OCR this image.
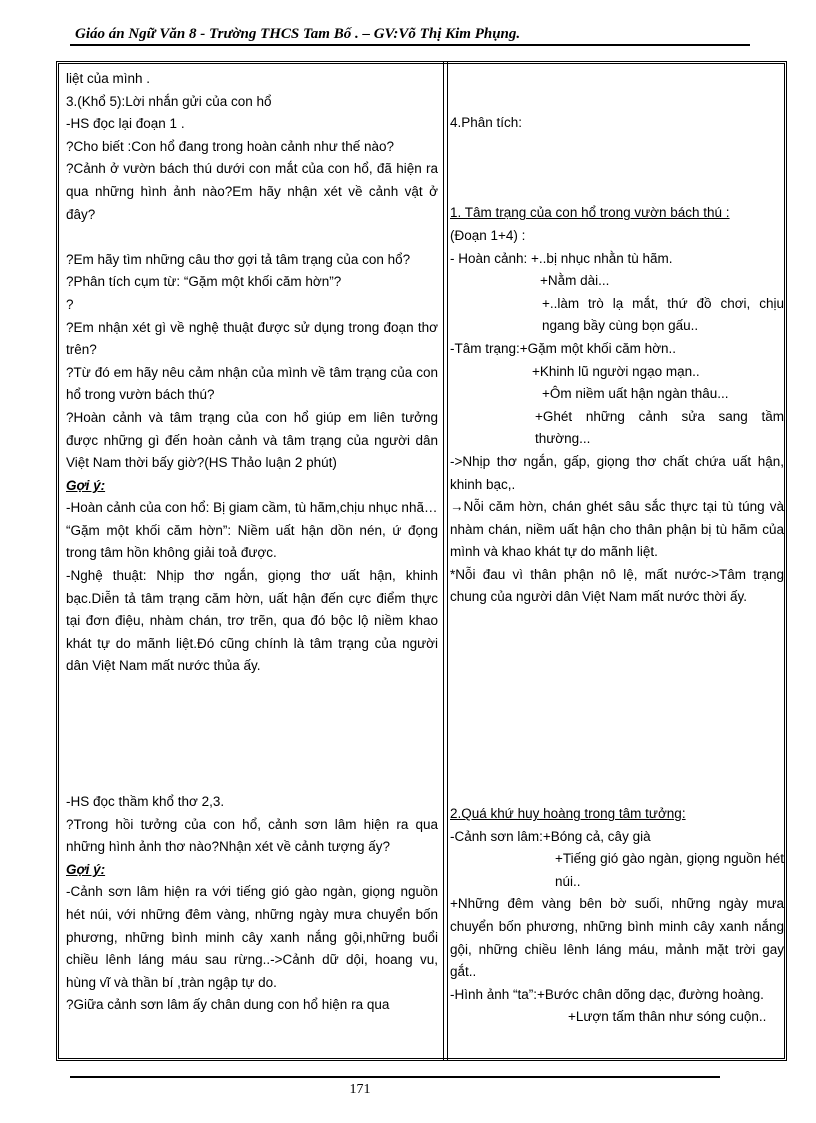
Giáo án Ngữ Văn 8 - Trường THCS Tam Bố . – GV:Võ Thị Kim Phụng.

liệt của mình .

3.(Khổ 5):Lời nhắn gửi của con hổ

-HS đọc lại đoạn 1 .

?Cho biết :Con hổ đang trong hoàn cảnh như thế nào?

?Cảnh ở vườn bách thú dưới con mắt của con hổ, đã hiện ra qua những hình ảnh nào?Em hãy nhận xét về cảnh vật ở đây?

?Em hãy tìm những câu thơ gợi tả tâm trạng của con hổ?

?Phân tích cụm từ: “Gặm một khối căm hờn”?

?

?Em nhận xét gì về nghệ thuật được sử dụng trong đoạn thơ trên?

?Từ đó em hãy nêu cảm nhận của mình về tâm trạng của con hổ trong vườn bách thú?

?Hoàn cảnh và tâm trạng của con hổ giúp em liên tưởng được những gì đến hoàn cảnh và tâm trạng của người dân Việt Nam thời bấy giờ?(HS Thảo luận 2 phút)

Gợi ý:

-Hoàn cảnh của con hổ: Bị giam cầm, tù hãm,chịu nhục nhã…

“Gặm một khối căm hờn”: Niềm uất hận dồn nén, ứ đọng trong tâm hồn không giải toả được.

-Nghệ thuật: Nhịp thơ ngắn, giọng thơ uất hận, khinh bạc.Diễn tả tâm trạng căm hờn, uất hận đến cực điểm thực tại đơn điệu, nhàm chán, trơ trẽn, qua đó bộc lộ niềm khao khát tự do mãnh liệt.Đó cũng chính là tâm trạng của người dân Việt Nam mất nước thủa ấy.

-HS đọc thầm khổ thơ 2,3.

?Trong hồi tưởng của con hổ, cảnh sơn lâm hiện ra qua những hình ảnh thơ nào?Nhận xét về cảnh tượng ấy?

Gợi ý:

-Cảnh sơn lâm hiện ra với tiếng gió gào ngàn, giọng nguồn hét núi, với những đêm vàng, những ngày mưa chuyển bốn phương, những bình minh cây xanh nắng gội,những buổi chiều lênh láng máu sau rừng..->Cảnh dữ dội, hoang vu, hùng vĩ và thần bí ,tràn ngập tự do.

?Giữa cảnh sơn lâm ấy chân dung con hổ hiện ra qua

4.Phân tích:

1. Tâm trạng của con hổ trong vườn bách thú :

(Đoạn 1+4) :

- Hoàn cảnh: +..bị nhục nhằn tù hãm.

+Nằm dài...

+..làm trò lạ mắt, thứ đồ chơi, chịu ngang bầy cùng bọn gấu..

-Tâm trạng:+Gặm một khối căm hờn..

+Khinh lũ người ngạo mạn..

+Ôm niềm uất hận ngàn thâu...

+Ghét những cảnh sửa sang tầm thường...

->Nhịp thơ ngắn, gấp, giọng thơ chất chứa uất hận, khinh bạc,.

→Nỗi căm hờn, chán ghét sâu sắc thực tại tù túng và nhàm chán, niềm uất hận cho thân phận bị tù hãm của mình và khao khát tự do mãnh liệt.

*Nỗi đau vì thân phận nô lệ, mất nước->Tâm trạng chung của người dân Việt Nam mất nước thời ấy.

2.Quá khứ huy hoàng trong tâm tưởng:

-Cảnh sơn lâm:+Bóng cả, cây già

+Tiếng gió gào ngàn, giọng nguồn hét núi..

+Những đêm vàng bên bờ suối, những ngày mưa chuyển bốn phương, những bình minh cây xanh nắng gội, những chiều lênh láng máu, mảnh mặt trời gay gắt..

-Hình ảnh “ta”:+Bước chân dõng dạc, đường hoàng.

+Lượn tấm thân như sóng cuộn..

171
